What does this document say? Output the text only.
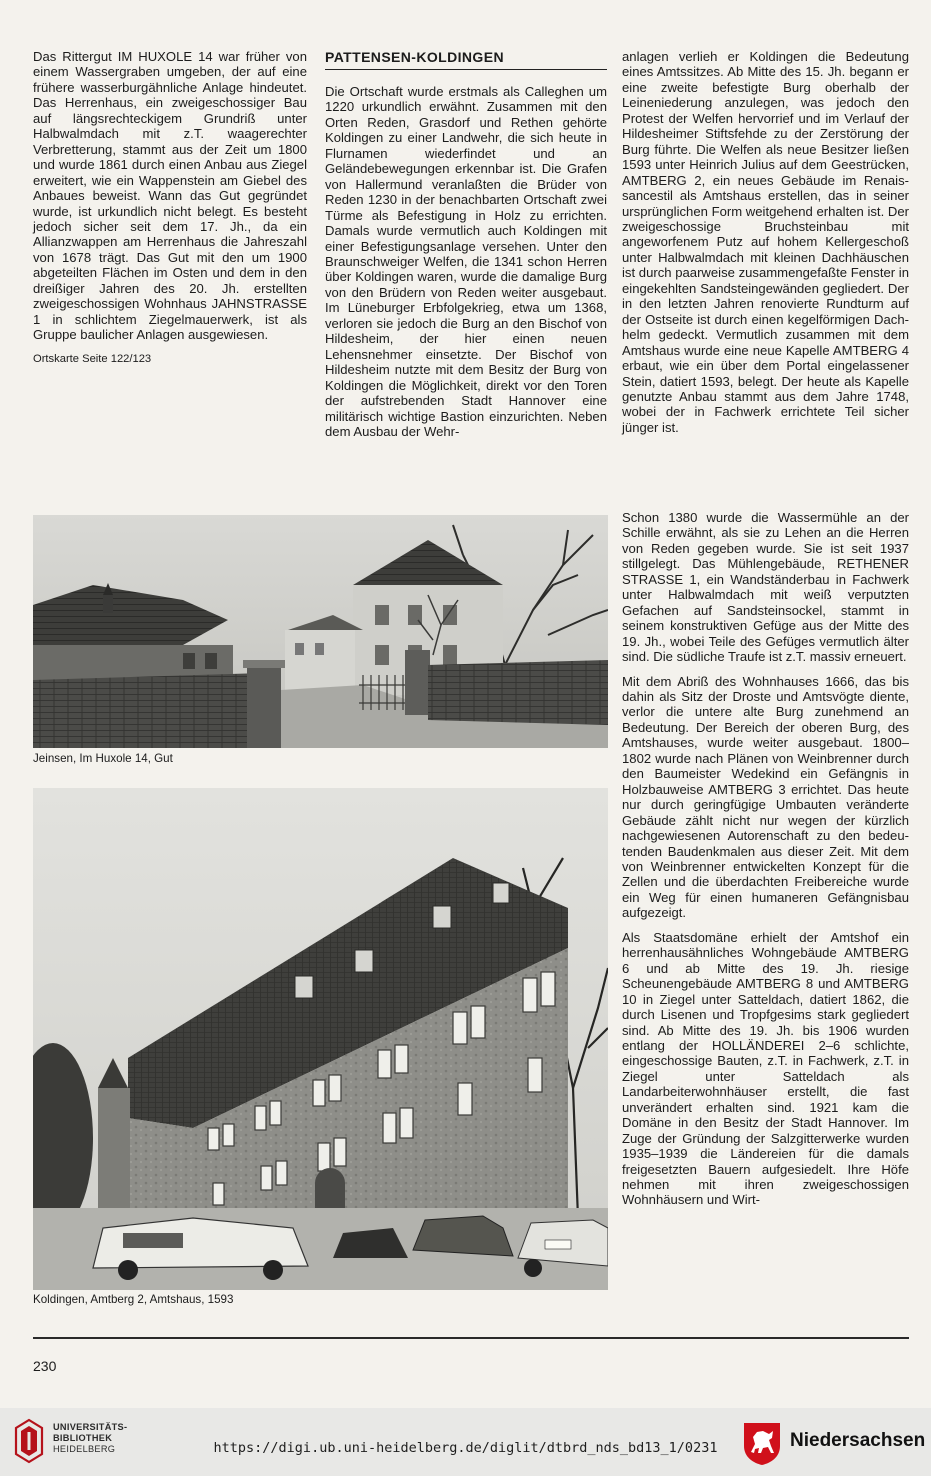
Das Rittergut IM HUXOLE 14 war früher von einem Wassergraben umgeben, der auf eine frühere wasserburgähnliche Anlage hindeutet. Das Herrenhaus, ein zweigeschossiger Bau auf längsrechteckigem Grundriß unter Halbwalmdach mit z.T. waagerechter Verbretterung, stammt aus der Zeit um 1800 und wurde 1861 durch einen Anbau aus Ziegel erweitert, wie ein Wappenstein am Giebel des Anbaues beweist. Wann das Gut gegründet wurde, ist urkundlich nicht belegt. Es besteht jedoch sicher seit dem 17. Jh., da ein Allianzwappen am Herrenhaus die Jahreszahl von 1678 trägt. Das Gut mit den um 1900 abgeteilten Flächen im Osten und dem in den dreißiger Jahren des 20. Jh. erstellten zweigeschossigen Wohnhaus JAHNSTRASSE 1 in schlichtem Ziegelmauerwerk, ist als Gruppe baulicher Anlagen ausgewiesen.

Ortskarte Seite 122/123
PATTENSEN-KOLDINGEN

Die Ortschaft wurde erstmals als Calleghen um 1220 urkundlich erwähnt. Zusammen mit den Orten Reden, Grasdorf und Rethen gehörte Koldingen zu einer Landwehr, die sich heute in Flurnamen wiederfindet und an Geländebewegungen erkennbar ist. Die Grafen von Hallermund veranlaßten die Brüder von Reden 1230 in der benachbarten Ortschaft zwei Türme als Befestigung in Holz zu errichten. Damals wurde vermutlich auch Koldingen mit einer Befestigungsanlage versehen. Unter den Braunschweiger Welfen, die 1341 schon Herren über Koldingen waren, wurde die damalige Burg von den Brüdern von Reden weiter ausgebaut. Im Lüneburger Erbfolgekrieg, etwa um 1368, verloren sie jedoch die Burg an den Bischof von Hildesheim, der hier einen neuen Lehensnehmer einsetzte. Der Bischof von Hildesheim nutzte mit dem Besitz der Burg von Koldingen die Möglichkeit, direkt vor den Toren der aufstrebenden Stadt Hannover eine militärisch wichtige Bastion einzurichten. Neben dem Ausbau der Wehr-

anlagen verlieh er Koldingen die Bedeutung eines Amtssitzes. Ab Mitte des 15. Jh. begann er eine zweite befestigte Burg oberhalb der Leineniederung anzulegen, was jedoch den Protest der Welfen hervorrief und im Verlauf der Hildesheimer Stiftsfehde zu der Zerstörung der Burg führte. Die Welfen als neue Besitzer ließen 1593 unter Heinrich Julius auf dem Geestrücken, AMTBERG 2, ein neues Gebäude im Renaissancestil als Amtshaus erstellen, das in seiner ursprünglichen Form weitgehend erhalten ist. Der zweigeschossige Bruchsteinbau mit angeworfenem Putz auf hohem Kellergeschoß unter Halbwalmdach mit kleinen Dachhäuschen ist durch paarweise zusammengefaßte Fenster in eingekehlten Sandsteingewänden gegliedert. Der in den letzten Jahren renovierte Rundturm auf der Ostseite ist durch einen kegelförmigen Dachhelm gedeckt. Vermutlich zusammen mit dem Amtshaus wurde eine neue Kapelle AMTBERG 4 erbaut, wie ein über dem Portal eingelassener Stein, datiert 1593, belegt. Der heute als Kapelle genutzte Anbau stammt aus dem Jahre 1748, wobei der in Fachwerk errichtete Teil sicher jünger ist.

Schon 1380 wurde die Wassermühle an der Schille erwähnt, als sie zu Lehen an die Herren von Reden gegeben wurde. Sie ist seit 1937 stillgelegt. Das Mühlengebäude, RETHENER STRASSE 1, ein Wandständerbau in Fachwerk unter Halbwalmdach mit weiß verputzten Gefachen auf Sandsteinsockel, stammt in seinem konstruktiven Gefüge aus der Mitte des 19. Jh., wobei Teile des Gefüges vermutlich älter sind. Die südliche Traufe ist z.T. massiv erneuert.

Mit dem Abriß des Wohnhauses 1666, das bis dahin als Sitz der Droste und Amtsvögte diente, verlor die untere alte Burg zunehmend an Bedeutung. Der Bereich der oberen Burg, des Amtshauses, wurde weiter ausgebaut. 1800–1802 wurde nach Plänen von Weinbrenner durch den Baumeister Wedekind ein Gefängnis in Holzbauweise AMTBERG 3 errichtet. Das heute nur durch geringfügige Umbauten veränderte Gebäude zählt nicht nur wegen der kürzlich nachgewiesenen Autorenschaft zu den bedeutenden Baudenkmalen aus dieser Zeit. Mit dem von Weinbrenner entwickelten Konzept für die Zellen und die überdachten Freibereiche wurde ein Weg für einen humaneren Gefängnisbau aufgezeigt.

Als Staatsdomäne erhielt der Amtshof ein herrenhausähnliches Wohngebäude AMTBERG 6 und ab Mitte des 19. Jh. riesige Scheunengebäude AMTBERG 8 und AMTBERG 10 in Ziegel unter Satteldach, datiert 1862, die durch Lisenen und Tropfgesims stark gegliedert sind. Ab Mitte des 19. Jh. bis 1906 wurden entlang der HOLLÄNDEREI 2–6 schlichte, eingeschossige Bauten, z.T. in Fachwerk, z.T. in Ziegel unter Satteldach als Landarbeiterwohnhäuser erstellt, die fast unverändert erhalten sind. 1921 kam die Domäne in den Besitz der Stadt Hannover. Im Zuge der Gründung der Salzgitterwerke wurden 1935–1939 die Ländereien für die damals freigesetzten Bauern aufgesiedelt. Ihre Höfe nehmen mit ihren zweigeschossigen Wohnhäusern und Wirt-

Jeinsen, Im Huxole 14, Gut
Koldingen, Amtberg 2, Amtshaus, 1593
230
UNIVERSITÄTS-
BIBLIOTHEK
HEIDELBERG	https://digi.ub.uni-heidelberg.de/diglit/dtbrd_nds_bd13_1/0231	Niedersachsen
